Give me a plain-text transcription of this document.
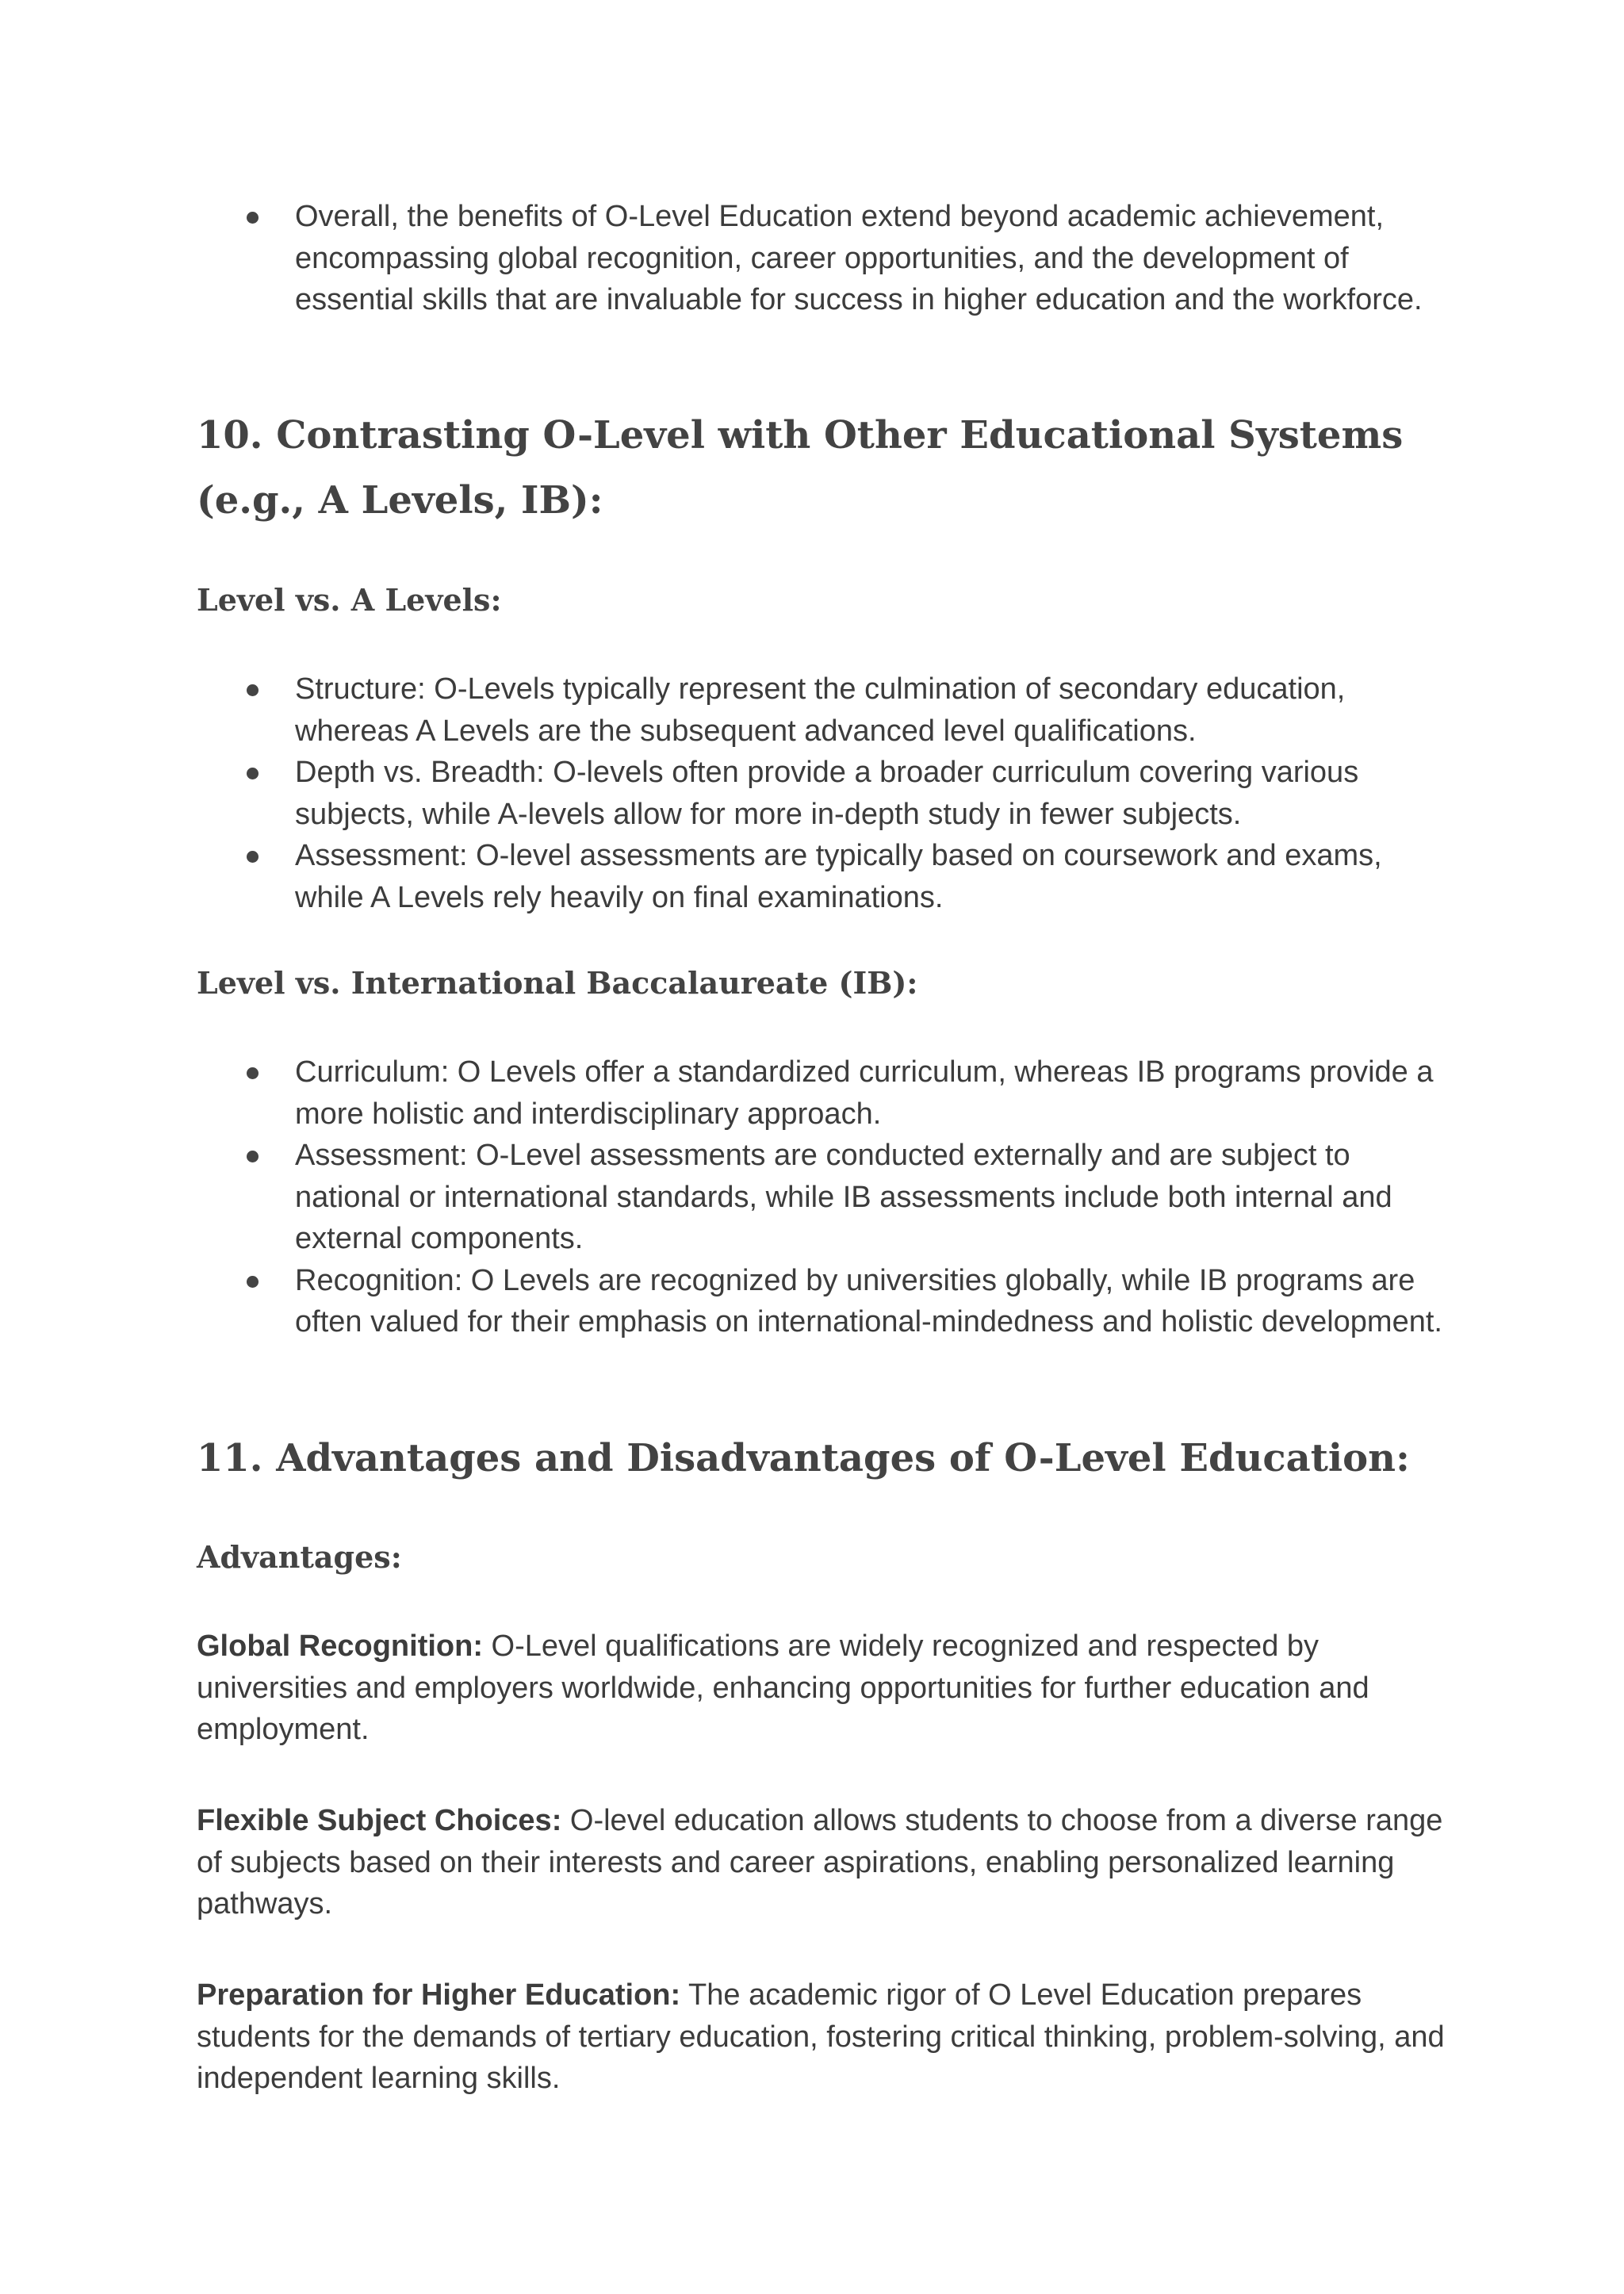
Overall, the benefits of O-Level Education extend beyond academic achievement, encompassing global recognition, career opportunities, and the development of essential skills that are invaluable for success in higher education and the workforce.
10. Contrasting O-Level with Other Educational Systems (e.g., A Levels, IB):
Level vs. A Levels:
Structure: O-Levels typically represent the culmination of secondary education, whereas A Levels are the subsequent advanced level qualifications.
Depth vs. Breadth: O-levels often provide a broader curriculum covering various subjects, while A-levels allow for more in-depth study in fewer subjects.
Assessment: O-level assessments are typically based on coursework and exams, while A Levels rely heavily on final examinations.
Level vs. International Baccalaureate (IB):
Curriculum: O Levels offer a standardized curriculum, whereas IB programs provide a more holistic and interdisciplinary approach.
Assessment: O-Level assessments are conducted externally and are subject to national or international standards, while IB assessments include both internal and external components.
Recognition: O Levels are recognized by universities globally, while IB programs are often valued for their emphasis on international-mindedness and holistic development.
11. Advantages and Disadvantages of O-Level Education:
Advantages:

Global Recognition: O-Level qualifications are widely recognized and respected by universities and employers worldwide, enhancing opportunities for further education and employment.

Flexible Subject Choices: O-level education allows students to choose from a diverse range of subjects based on their interests and career aspirations, enabling personalized learning pathways.

Preparation for Higher Education: The academic rigor of O Level Education prepares students for the demands of tertiary education, fostering critical thinking, problem-solving, and independent learning skills.
